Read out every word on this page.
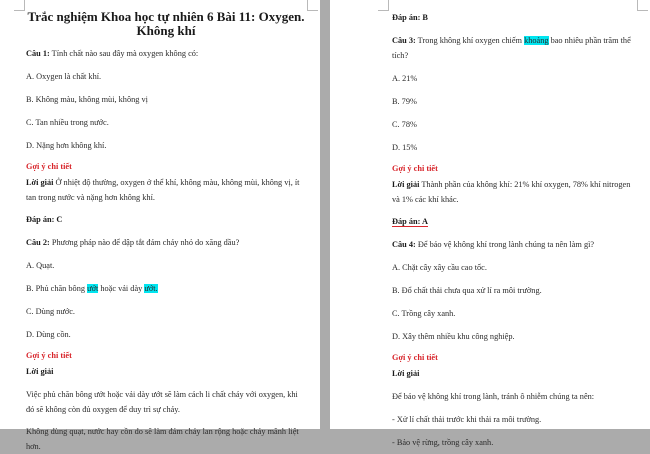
Trắc nghiệm Khoa học tự nhiên 6 Bài 11: Oxygen. Không khí
Câu 1: Tính chất nào sau đây mà oxygen không có:
A. Oxygen là chất khí.
B. Không màu, không mùi, không vị
C. Tan nhiều trong nước.
D. Nặng hơn không khí.
Gợi ý chi tiết
Lời giải Ở nhiệt độ thường, oxygen ở thể khí, không màu, không mùi, không vị, ít tan trong nước và nặng hơn không khí.
Đáp án: C
Câu 2: Phương pháp nào để dập tắt đám cháy nhỏ do xăng dầu?
A. Quạt.
B. Phủ chăn bông ướt hoặc vải dày ướt.
C. Dùng nước.
D. Dùng cồn.
Gợi ý chi tiết
Lời giải
Việc phủ chăn bông ướt hoặc vải dày ướt sẽ làm cách li chất cháy với oxygen, khi đó sẽ không còn đủ oxygen để duy trì sự cháy.
Không dùng quạt, nước hay cồn do sẽ làm đám cháy lan rộng hoặc cháy mãnh liệt hơn.
Đáp án: B
Câu 3: Trong không khí oxygen chiếm khoảng bao nhiêu phần trăm thể tích?
A. 21%
B. 79%
C. 78%
D. 15%
Gợi ý chi tiết
Lời giải Thành phần của không khí: 21% khí oxygen, 78% khí nitrogen và 1% các khí khác.
Đáp án: A
Câu 4: Để bảo vệ không khí trong lành chúng ta nên làm gì?
A. Chặt cây xây cầu cao tốc.
B. Đổ chất thải chưa qua xử lí ra môi trường.
C. Trồng cây xanh.
D. Xây thêm nhiều khu công nghiệp.
Gợi ý chi tiết
Lời giải
Để bảo vệ không khí trong lành, tránh ô nhiễm chúng ta nên:
- Xử lí chất thải trước khi thải ra môi trường.
- Bảo vệ rừng, trồng cây xanh.
